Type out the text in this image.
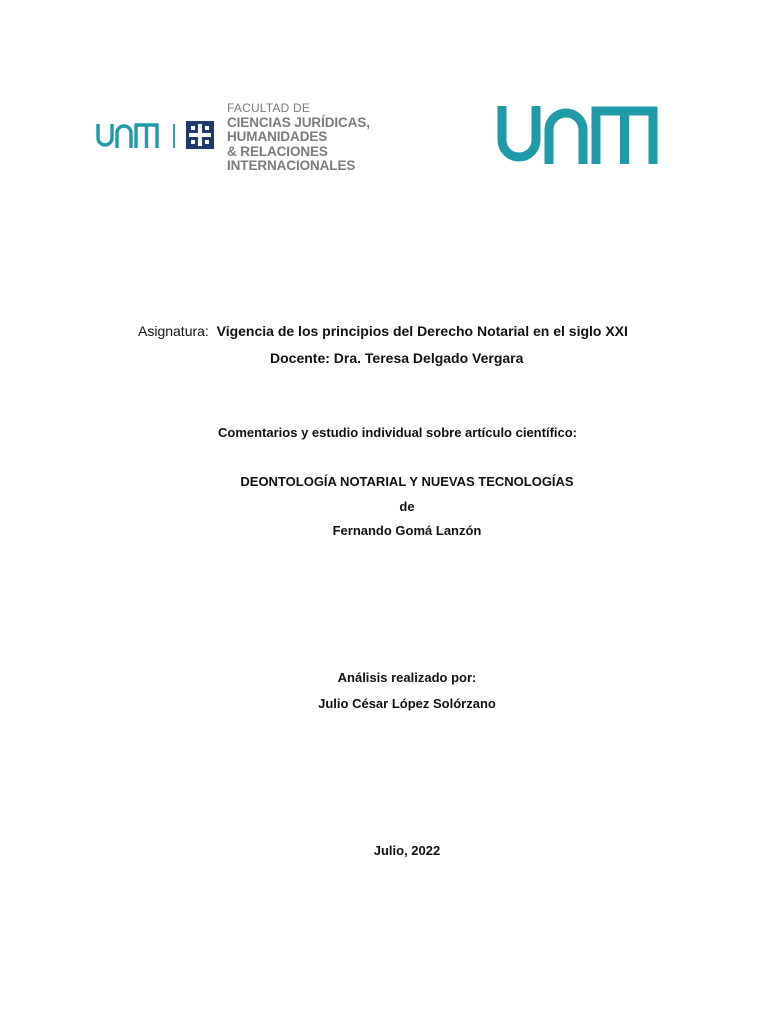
FACULTAD DE
CIENCIAS JURÍDICAS,
HUMANIDADES
& RELACIONES
INTERNACIONALES
Asignatura: Vigencia de los principios del Derecho Notarial en el siglo XXI
Docente: Dra. Teresa Delgado Vergara
Comentarios y estudio individual sobre artículo científico:
DEONTOLOGÍA NOTARIAL Y NUEVAS TECNOLOGÍAS
de
Fernando Gomá Lanzón
Análisis realizado por:
Julio César López Solórzano
Julio, 2022
